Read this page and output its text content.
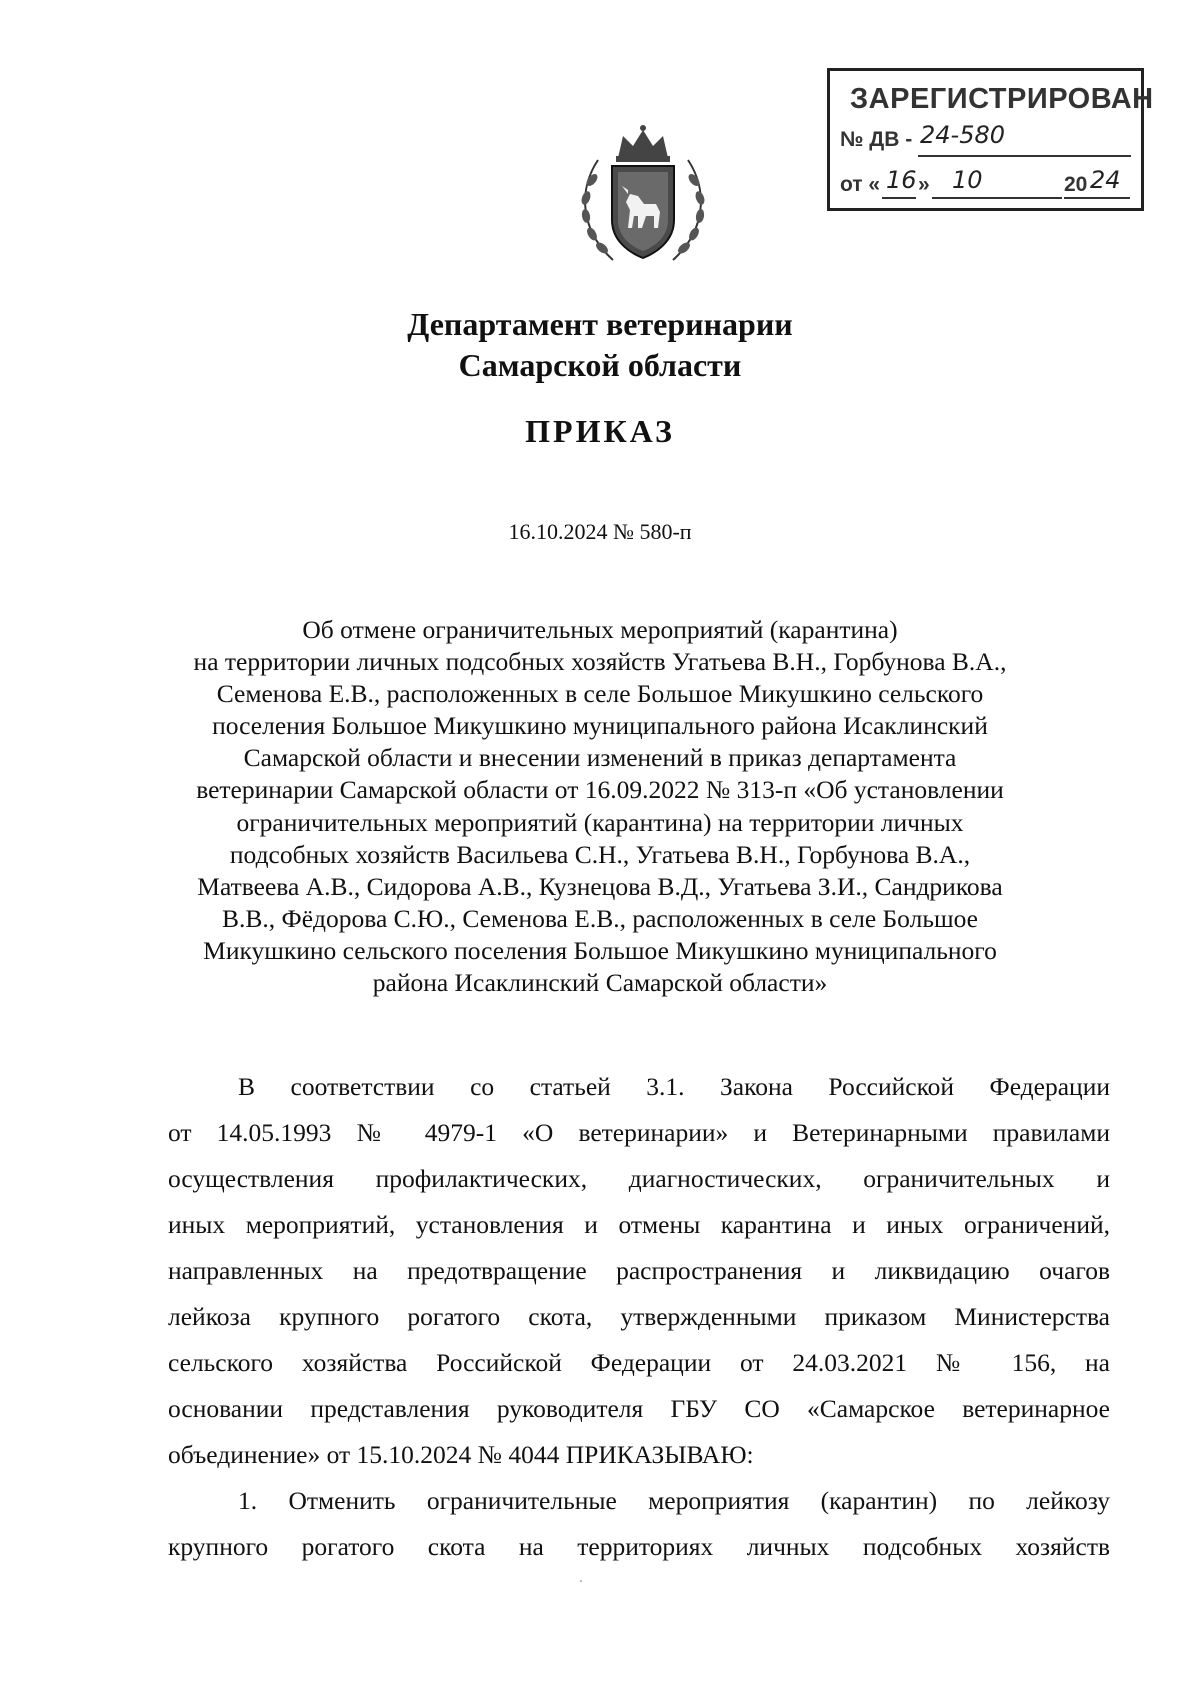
ЗАРЕГИСТРИРОВАН
№ ДВ - 24-580
от « 16 » 10	20 24
Департамент ветеринарии
Самарской области
ПРИКАЗ
16.10.2024 № 580-п
Об отмене ограничительных мероприятий (карантина)
на территории личных подсобных хозяйств Угатьева В.Н., Горбунова В.А.,
Семенова Е.В., расположенных в селе Большое Микушкино сельского
поселения Большое Микушкино муниципального района Исаклинский
Самарской области и внесении изменений в приказ департамента
ветеринарии Самарской области от 16.09.2022 № 313-п «Об установлении
ограничительных мероприятий (карантина) на территории личных
подсобных хозяйств Васильева С.Н., Угатьева В.Н., Горбунова В.А.,
Матвеева А.В., Сидорова А.В., Кузнецова В.Д., Угатьева З.И., Сандрикова
В.В., Фёдорова С.Ю., Семенова Е.В., расположенных в селе Большое
Микушкино сельского поселения Большое Микушкино муниципального
района Исаклинский Самарской области»
В соответствии со статьей 3.1. Закона Российской Федерации
от 14.05.1993 № 4979-1 «О ветеринарии» и Ветеринарными правилами
осуществления профилактических, диагностических, ограничительных и
иных мероприятий, установления и отмены карантина и иных ограничений,
направленных на предотвращение распространения и ликвидацию очагов
лейкоза крупного рогатого скота, утвержденными приказом Министерства
сельского хозяйства Российской Федерации от 24.03.2021 № 156, на
основании представления руководителя ГБУ СО «Самарское ветеринарное
объединение» от 15.10.2024 № 4044 ПРИКАЗЫВАЮ:
1. Отменить ограничительные мероприятия (карантин) по лейкозу
крупного рогатого скота на территориях личных подсобных хозяйств
